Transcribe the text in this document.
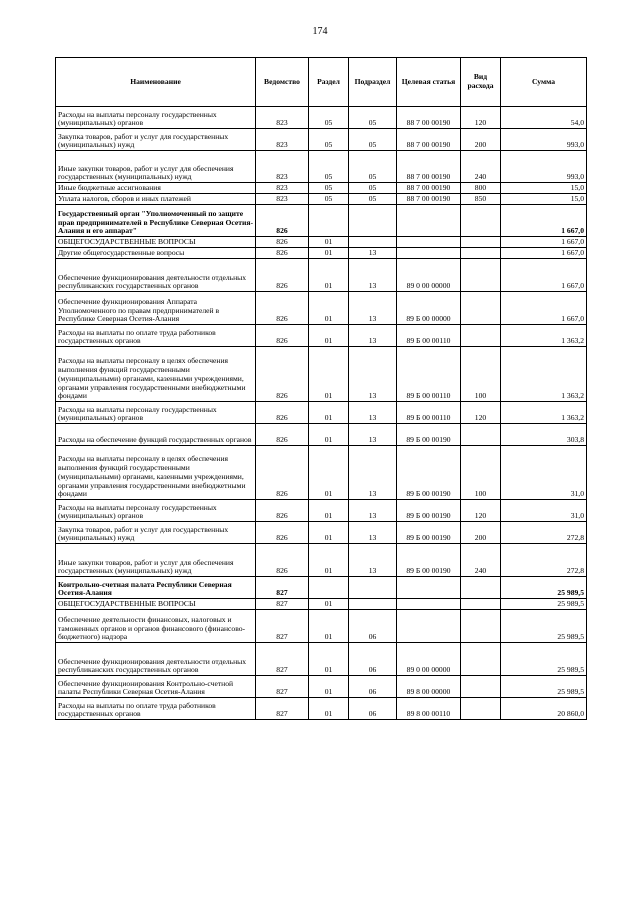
174
Наименование	Ведомство	Раздел	Подраздел	Целевая статья	Вид расхода	Сумма
Расходы на выплаты персоналу государственных (муниципальных) органов	823	05	05	88 7 00 00190	120	54,0
Закупка товаров, работ и услуг для государственных (муниципальных) нужд	823	05	05	88 7 00 00190	200	993,0
Иные закупки товаров, работ и услуг для обеспечения государственных (муниципальных) нужд	823	05	05	88 7 00 00190	240	993,0
Иные бюджетные ассигнования	823	05	05	88 7 00 00190	800	15,0
Уплата налогов, сборов и иных платежей	823	05	05	88 7 00 00190	850	15,0
Государственный орган "Уполномоченный по защите прав предпринимателей в Республике Северная Осетия-Алания и его аппарат"	826					1 667,0
ОБЩЕГОСУДАРСТВЕННЫЕ ВОПРОСЫ	826	01				1 667,0
Другие общегосударственные вопросы	826	01	13			1 667,0
Обеспечение функционирования деятельности отдельных республиканских государственных органов	826	01	13	89 0 00 00000		1 667,0
Обеспечение функционирования Аппарата Уполномоченного по правам предпринимателей в Республике Северная Осетия-Алания	826	01	13	89 Б 00 00000		1 667,0
Расходы на выплаты по оплате труда работников государственных органов	826	01	13	89 Б 00 00110		1 363,2
Расходы на выплаты персоналу в целях обеспечения выполнения функций государственными (муниципальными) органами, казенными учреждениями, органами управления государственными внебюджетными фондами	826	01	13	89 Б 00 00110	100	1 363,2
Расходы на выплаты персоналу государственных (муниципальных) органов	826	01	13	89 Б 00 00110	120	1 363,2
Расходы на обеспечение функций государственных органов	826	01	13	89 Б 00 00190		303,8
Расходы на выплаты персоналу в целях обеспечения выполнения функций государственными (муниципальными) органами, казенными учреждениями, органами управления государственными внебюджетными фондами	826	01	13	89 Б 00 00190	100	31,0
Расходы на выплаты персоналу государственных (муниципальных) органов	826	01	13	89 Б 00 00190	120	31,0
Закупка товаров, работ и услуг для государственных (муниципальных) нужд	826	01	13	89 Б 00 00190	200	272,8
Иные закупки товаров, работ и услуг для обеспечения государственных (муниципальных) нужд	826	01	13	89 Б 00 00190	240	272,8
Контрольно-счетная палата Республики Северная Осетия-Алания	827					25 989,5
ОБЩЕГОСУДАРСТВЕННЫЕ ВОПРОСЫ	827	01				25 989,5
Обеспечение деятельности финансовых, налоговых и таможенных органов и органов финансового (финансово-бюджетного) надзора	827	01	06			25 989,5
Обеспечение функционирования деятельности отдельных республиканских государственных органов	827	01	06	89 0 00 00000		25 989,5
Обеспечение функционирования Контрольно-счетной палаты Республики Северная Осетия-Алания	827	01	06	89 8 00 00000		25 989,5
Расходы на выплаты по оплате труда работников государственных органов	827	01	06	89 8 00 00110		20 860,0
